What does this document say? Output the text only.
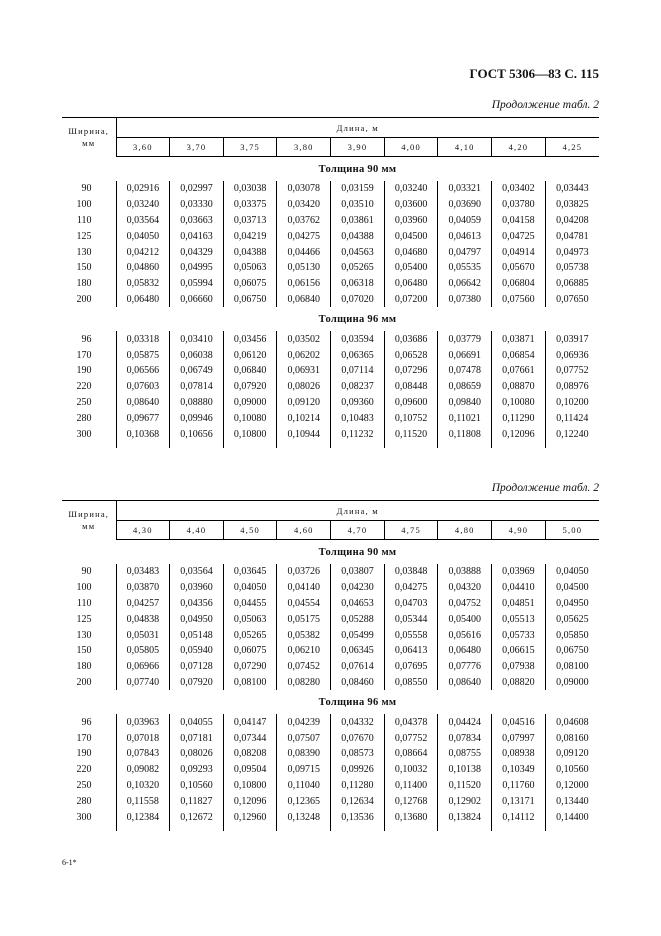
ГОСТ 5306—83 С. 115
Продолжение табл. 2
Ширина, мм	Длина, м								
	3,60	3,70	3,75	3,80	3,90	4,00	4,10	4,20	4,25
	Толщина 90 мм								
90	0,02916	0,02997	0,03038	0,03078	0,03159	0,03240	0,03321	0,03402	0,03443
100	0,03240	0,03330	0,03375	0,03420	0,03510	0,03600	0,03690	0,03780	0,03825
110	0,03564	0,03663	0,03713	0,03762	0,03861	0,03960	0,04059	0,04158	0,04208
125	0,04050	0,04163	0,04219	0,04275	0,04388	0,04500	0,04613	0,04725	0,04781
130	0,04212	0,04329	0,04388	0,04466	0,04563	0,04680	0,04797	0,04914	0,04973
150	0,04860	0,04995	0,05063	0,05130	0,05265	0,05400	0,05535	0,05670	0,05738
180	0,05832	0,05994	0,06075	0,06156	0,06318	0,06480	0,06642	0,06804	0,06885
200	0,06480	0,06660	0,06750	0,06840	0,07020	0,07200	0,07380	0,07560	0,07650
	Толщина 96 мм								
96	0,03318	0,03410	0,03456	0,03502	0,03594	0,03686	0,03779	0,03871	0,03917
170	0,05875	0,06038	0,06120	0,06202	0,06365	0,06528	0,06691	0,06854	0,06936
190	0,06566	0,06749	0,06840	0,06931	0,07114	0,07296	0,07478	0,07661	0,07752
220	0,07603	0,07814	0,07920	0,08026	0,08237	0,08448	0,08659	0,08870	0,08976
250	0,08640	0,08880	0,09000	0,09120	0,09360	0,09600	0,09840	0,10080	0,10200
280	0,09677	0,09946	0,10080	0,10214	0,10483	0,10752	0,11021	0,11290	0,11424
300	0,10368	0,10656	0,10800	0,10944	0,11232	0,11520	0,11808	0,12096	0,12240

Продолжение табл. 2
Ширина, мм	Длина, м								
	4,30	4,40	4,50	4,60	4,70	4,75	4,80	4,90	5,00
	Толщина 90 мм								
90	0,03483	0,03564	0,03645	0,03726	0,03807	0,03848	0,03888	0,03969	0,04050
100	0,03870	0,03960	0,04050	0,04140	0,04230	0,04275	0,04320	0,04410	0,04500
110	0,04257	0,04356	0,04455	0,04554	0,04653	0,04703	0,04752	0,04851	0,04950
125	0,04838	0,04950	0,05063	0,05175	0,05288	0,05344	0,05400	0,05513	0,05625
130	0,05031	0,05148	0,05265	0,05382	0,05499	0,05558	0,05616	0,05733	0,05850
150	0,05805	0,05940	0,06075	0,06210	0,06345	0,06413	0,06480	0,06615	0,06750
180	0,06966	0,07128	0,07290	0,07452	0,07614	0,07695	0,07776	0,07938	0,08100
200	0,07740	0,07920	0,08100	0,08280	0,08460	0,08550	0,08640	0,08820	0,09000
	Толщина 96 мм								
96	0,03963	0,04055	0,04147	0,04239	0,04332	0,04378	0,04424	0,04516	0,04608
170	0,07018	0,07181	0,07344	0,07507	0,07670	0,07752	0,07834	0,07997	0,08160
190	0,07843	0,08026	0,08208	0,08390	0,08573	0,08664	0,08755	0,08938	0,09120
220	0,09082	0,09293	0,09504	0,09715	0,09926	0,10032	0,10138	0,10349	0,10560
250	0,10320	0,10560	0,10800	0,11040	0,11280	0,11400	0,11520	0,11760	0,12000
280	0,11558	0,11827	0,12096	0,12365	0,12634	0,12768	0,12902	0,13171	0,13440
300	0,12384	0,12672	0,12960	0,13248	0,13536	0,13680	0,13824	0,14112	0,14400

6-1*
